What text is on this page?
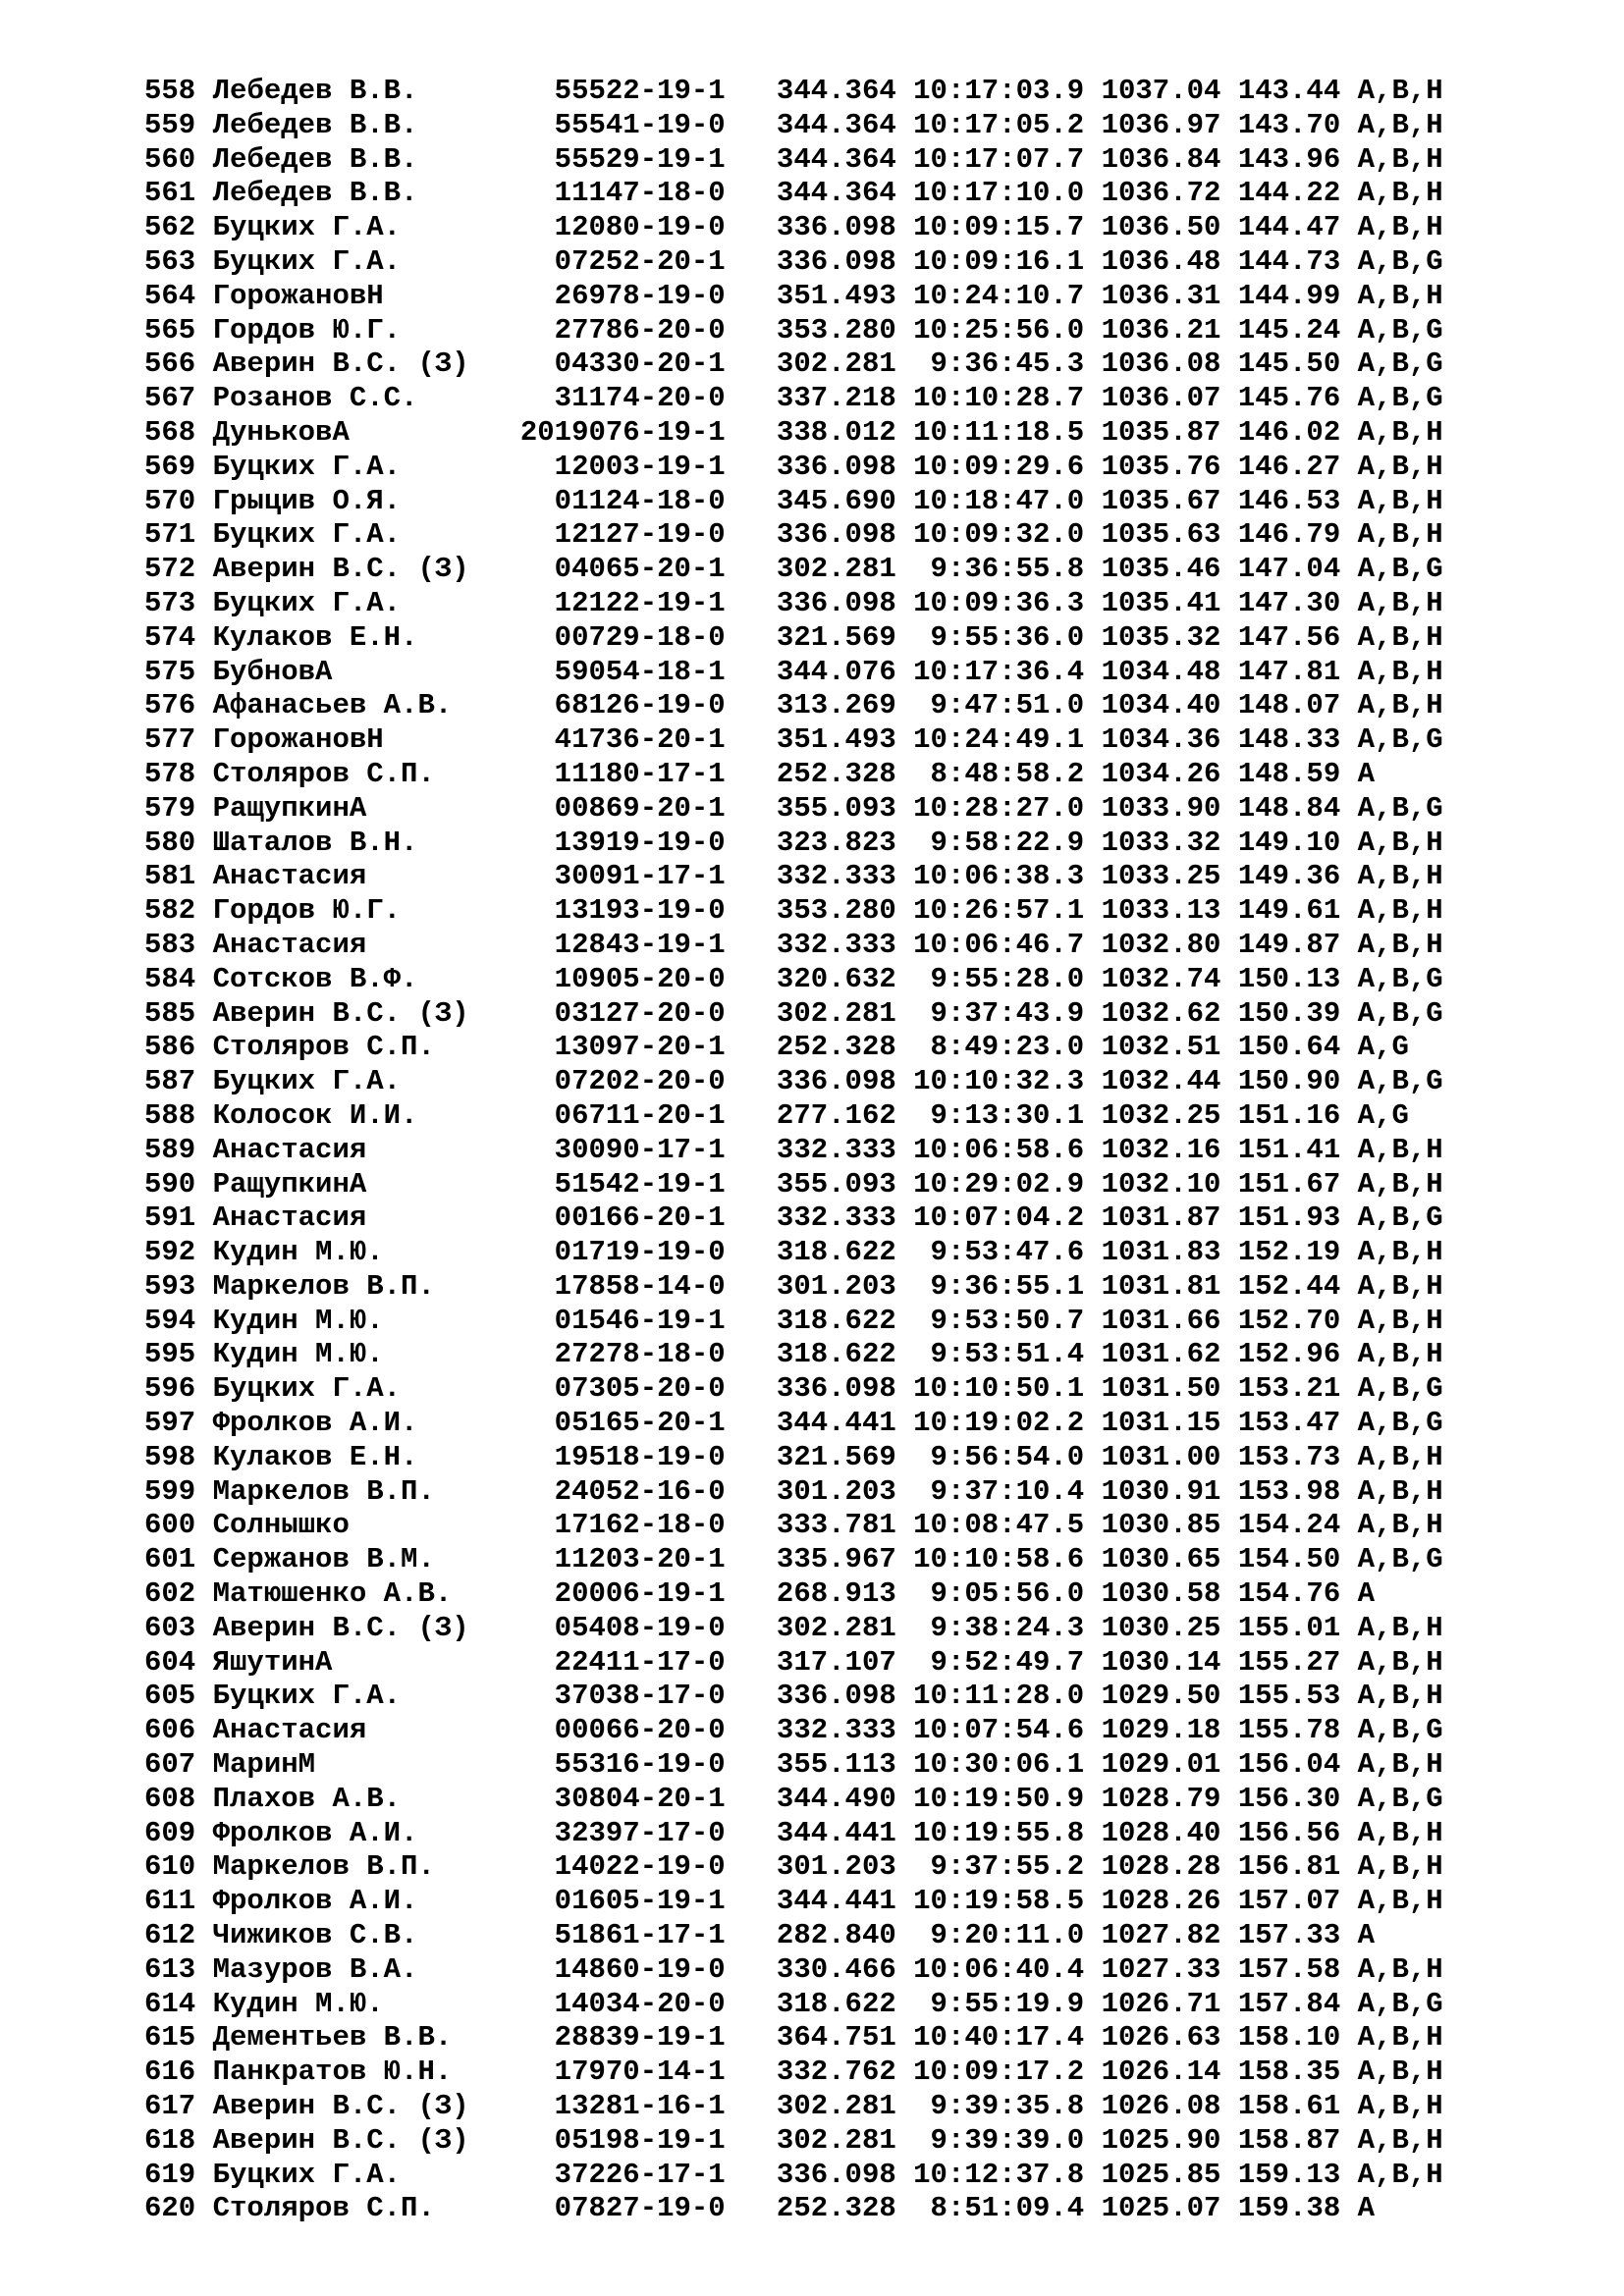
558 Лебедев В.В.        55522-19-1   344.364 10:17:03.9 1037.04 143.44 A,B,H
559 Лебедев В.В.        55541-19-0   344.364 10:17:05.2 1036.97 143.70 A,B,H
560 Лебедев В.В.        55529-19-1   344.364 10:17:07.7 1036.84 143.96 A,B,H
561 Лебедев В.В.        11147-18-0   344.364 10:17:10.0 1036.72 144.22 A,B,H
562 Буцких Г.А.         12080-19-0   336.098 10:09:15.7 1036.50 144.47 A,B,H
563 Буцких Г.А.         07252-20-1   336.098 10:09:16.1 1036.48 144.73 A,B,G
564 ГорожановН          26978-19-0   351.493 10:24:10.7 1036.31 144.99 A,B,H
565 Гордов Ю.Г.         27786-20-0   353.280 10:25:56.0 1036.21 145.24 A,B,G
566 Аверин В.С. (З)     04330-20-1   302.281  9:36:45.3 1036.08 145.50 A,B,G
567 Розанов С.С.        31174-20-0   337.218 10:10:28.7 1036.07 145.76 A,B,G
568 ДуньковА          2019076-19-1   338.012 10:11:18.5 1035.87 146.02 A,B,H
569 Буцких Г.А.         12003-19-1   336.098 10:09:29.6 1035.76 146.27 A,B,H
570 Грыцив О.Я.         01124-18-0   345.690 10:18:47.0 1035.67 146.53 A,B,H
571 Буцких Г.А.         12127-19-0   336.098 10:09:32.0 1035.63 146.79 A,B,H
572 Аверин В.С. (З)     04065-20-1   302.281  9:36:55.8 1035.46 147.04 A,B,G
573 Буцких Г.А.         12122-19-1   336.098 10:09:36.3 1035.41 147.30 A,B,H
574 Кулаков Е.Н.        00729-18-0   321.569  9:55:36.0 1035.32 147.56 A,B,H
575 БубновА             59054-18-1   344.076 10:17:36.4 1034.48 147.81 A,B,H
576 Афанасьев А.В.      68126-19-0   313.269  9:47:51.0 1034.40 148.07 A,B,H
577 ГорожановН          41736-20-1   351.493 10:24:49.1 1034.36 148.33 A,B,G
578 Столяров С.П.       11180-17-1   252.328  8:48:58.2 1034.26 148.59 A
579 РащупкинА           00869-20-1   355.093 10:28:27.0 1033.90 148.84 A,B,G
580 Шаталов В.Н.        13919-19-0   323.823  9:58:22.9 1033.32 149.10 A,B,H
581 Анастасия           30091-17-1   332.333 10:06:38.3 1033.25 149.36 A,B,H
582 Гордов Ю.Г.         13193-19-0   353.280 10:26:57.1 1033.13 149.61 A,B,H
583 Анастасия           12843-19-1   332.333 10:06:46.7 1032.80 149.87 A,B,H
584 Сотсков В.Ф.        10905-20-0   320.632  9:55:28.0 1032.74 150.13 A,B,G
585 Аверин В.С. (З)     03127-20-0   302.281  9:37:43.9 1032.62 150.39 A,B,G
586 Столяров С.П.       13097-20-1   252.328  8:49:23.0 1032.51 150.64 A,G
587 Буцких Г.А.         07202-20-0   336.098 10:10:32.3 1032.44 150.90 A,B,G
588 Колосок И.И.        06711-20-1   277.162  9:13:30.1 1032.25 151.16 A,G
589 Анастасия           30090-17-1   332.333 10:06:58.6 1032.16 151.41 A,B,H
590 РащупкинА           51542-19-1   355.093 10:29:02.9 1032.10 151.67 A,B,H
591 Анастасия           00166-20-1   332.333 10:07:04.2 1031.87 151.93 A,B,G
592 Кудин М.Ю.          01719-19-0   318.622  9:53:47.6 1031.83 152.19 A,B,H
593 Маркелов В.П.       17858-14-0   301.203  9:36:55.1 1031.81 152.44 A,B,H
594 Кудин М.Ю.          01546-19-1   318.622  9:53:50.7 1031.66 152.70 A,B,H
595 Кудин М.Ю.          27278-18-0   318.622  9:53:51.4 1031.62 152.96 A,B,H
596 Буцких Г.А.         07305-20-0   336.098 10:10:50.1 1031.50 153.21 A,B,G
597 Фролков А.И.        05165-20-1   344.441 10:19:02.2 1031.15 153.47 A,B,G
598 Кулаков Е.Н.        19518-19-0   321.569  9:56:54.0 1031.00 153.73 A,B,H
599 Маркелов В.П.       24052-16-0   301.203  9:37:10.4 1030.91 153.98 A,B,H
600 Солнышко            17162-18-0   333.781 10:08:47.5 1030.85 154.24 A,B,H
601 Сержанов В.М.       11203-20-1   335.967 10:10:58.6 1030.65 154.50 A,B,G
602 Матюшенко А.В.      20006-19-1   268.913  9:05:56.0 1030.58 154.76 A
603 Аверин В.С. (З)     05408-19-0   302.281  9:38:24.3 1030.25 155.01 A,B,H
604 ЯшутинА             22411-17-0   317.107  9:52:49.7 1030.14 155.27 A,B,H
605 Буцких Г.А.         37038-17-0   336.098 10:11:28.0 1029.50 155.53 A,B,H
606 Анастасия           00066-20-0   332.333 10:07:54.6 1029.18 155.78 A,B,G
607 МаринМ              55316-19-0   355.113 10:30:06.1 1029.01 156.04 A,B,H
608 Плахов А.В.         30804-20-1   344.490 10:19:50.9 1028.79 156.30 A,B,G
609 Фролков А.И.        32397-17-0   344.441 10:19:55.8 1028.40 156.56 A,B,H
610 Маркелов В.П.       14022-19-0   301.203  9:37:55.2 1028.28 156.81 A,B,H
611 Фролков А.И.        01605-19-1   344.441 10:19:58.5 1028.26 157.07 A,B,H
612 Чижиков С.В.        51861-17-1   282.840  9:20:11.0 1027.82 157.33 A
613 Мазуров В.А.        14860-19-0   330.466 10:06:40.4 1027.33 157.58 A,B,H
614 Кудин М.Ю.          14034-20-0   318.622  9:55:19.9 1026.71 157.84 A,B,G
615 Дементьев В.В.      28839-19-1   364.751 10:40:17.4 1026.63 158.10 A,B,H
616 Панкратов Ю.Н.      17970-14-1   332.762 10:09:17.2 1026.14 158.35 A,B,H
617 Аверин В.С. (З)     13281-16-1   302.281  9:39:35.8 1026.08 158.61 A,B,H
618 Аверин В.С. (З)     05198-19-1   302.281  9:39:39.0 1025.90 158.87 A,B,H
619 Буцких Г.А.         37226-17-1   336.098 10:12:37.8 1025.85 159.13 A,B,H
620 Столяров С.П.       07827-19-0   252.328  8:51:09.4 1025.07 159.38 A
